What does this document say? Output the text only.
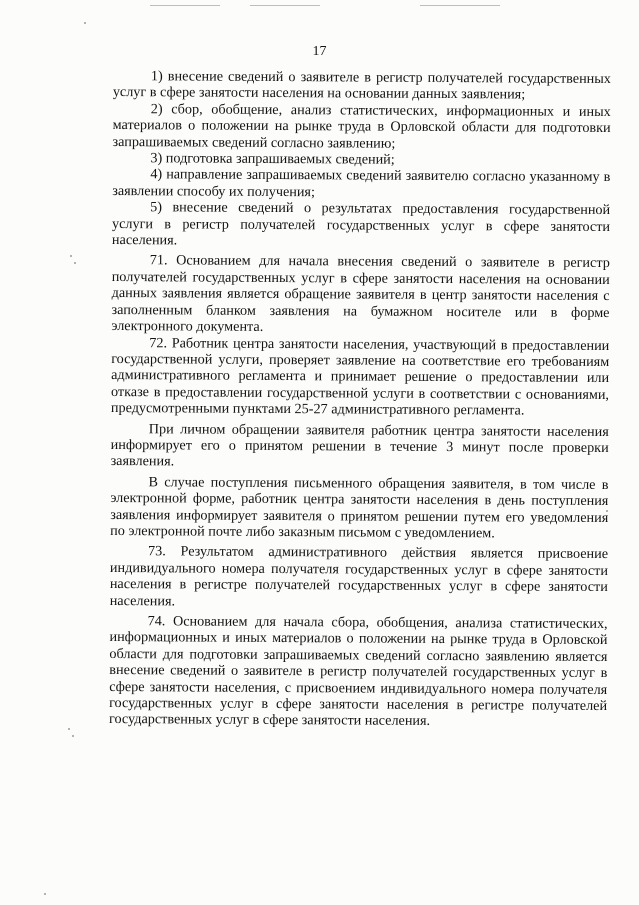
17

1) внесение сведений о заявителе в регистр получателей государственных услуг в сфере занятости населения на основании данных заявления;

2) сбор, обобщение, анализ статистических, информационных и иных материалов о положении на рынке труда в Орловской области для подготовки запрашиваемых сведений согласно заявлению;

3) подготовка запрашиваемых сведений;

4) направление запрашиваемых сведений заявителю согласно указанному в заявлении способу их получения;

5) внесение сведений о результатах предоставления государственной услуги в регистр получателей государственных услуг в сфере занятости населения.

71. Основанием для начала внесения сведений о заявителе в регистр получателей государственных услуг в сфере занятости населения на основании данных заявления является обращение заявителя в центр занятости населения с заполненным бланком заявления на бумажном носителе или в форме электронного документа.

72. Работник центра занятости населения, участвующий в предоставлении государственной услуги, проверяет заявление на соответствие его требованиям административного регламента и принимает решение о предоставлении или отказе в предоставлении государственной услуги в соответствии с основаниями, предусмотренными пунктами 25-27 административного регламента.

При личном обращении заявителя работник центра занятости населения информирует его о принятом решении в течение 3 минут после проверки заявления.

В случае поступления письменного обращения заявителя, в том числе в электронной форме, работник центра занятости населения в день поступления заявления информирует заявителя о принятом решении путем его уведомления по электронной почте либо заказным письмом с уведомлением.

73. Результатом административного действия является присвоение индивидуального номера получателя государственных услуг в сфере занятости населения в регистре получателей государственных услуг в сфере занятости населения.

74. Основанием для начала сбора, обобщения, анализа статистических, информационных и иных материалов о положении на рынке труда в Орловской области для подготовки запрашиваемых сведений согласно заявлению является внесение сведений о заявителе в регистр получателей государственных услуг в сфере занятости населения, с присвоением индивидуального номера получателя государственных услуг в сфере занятости населения в регистре получателей государственных услуг в сфере занятости населения.
